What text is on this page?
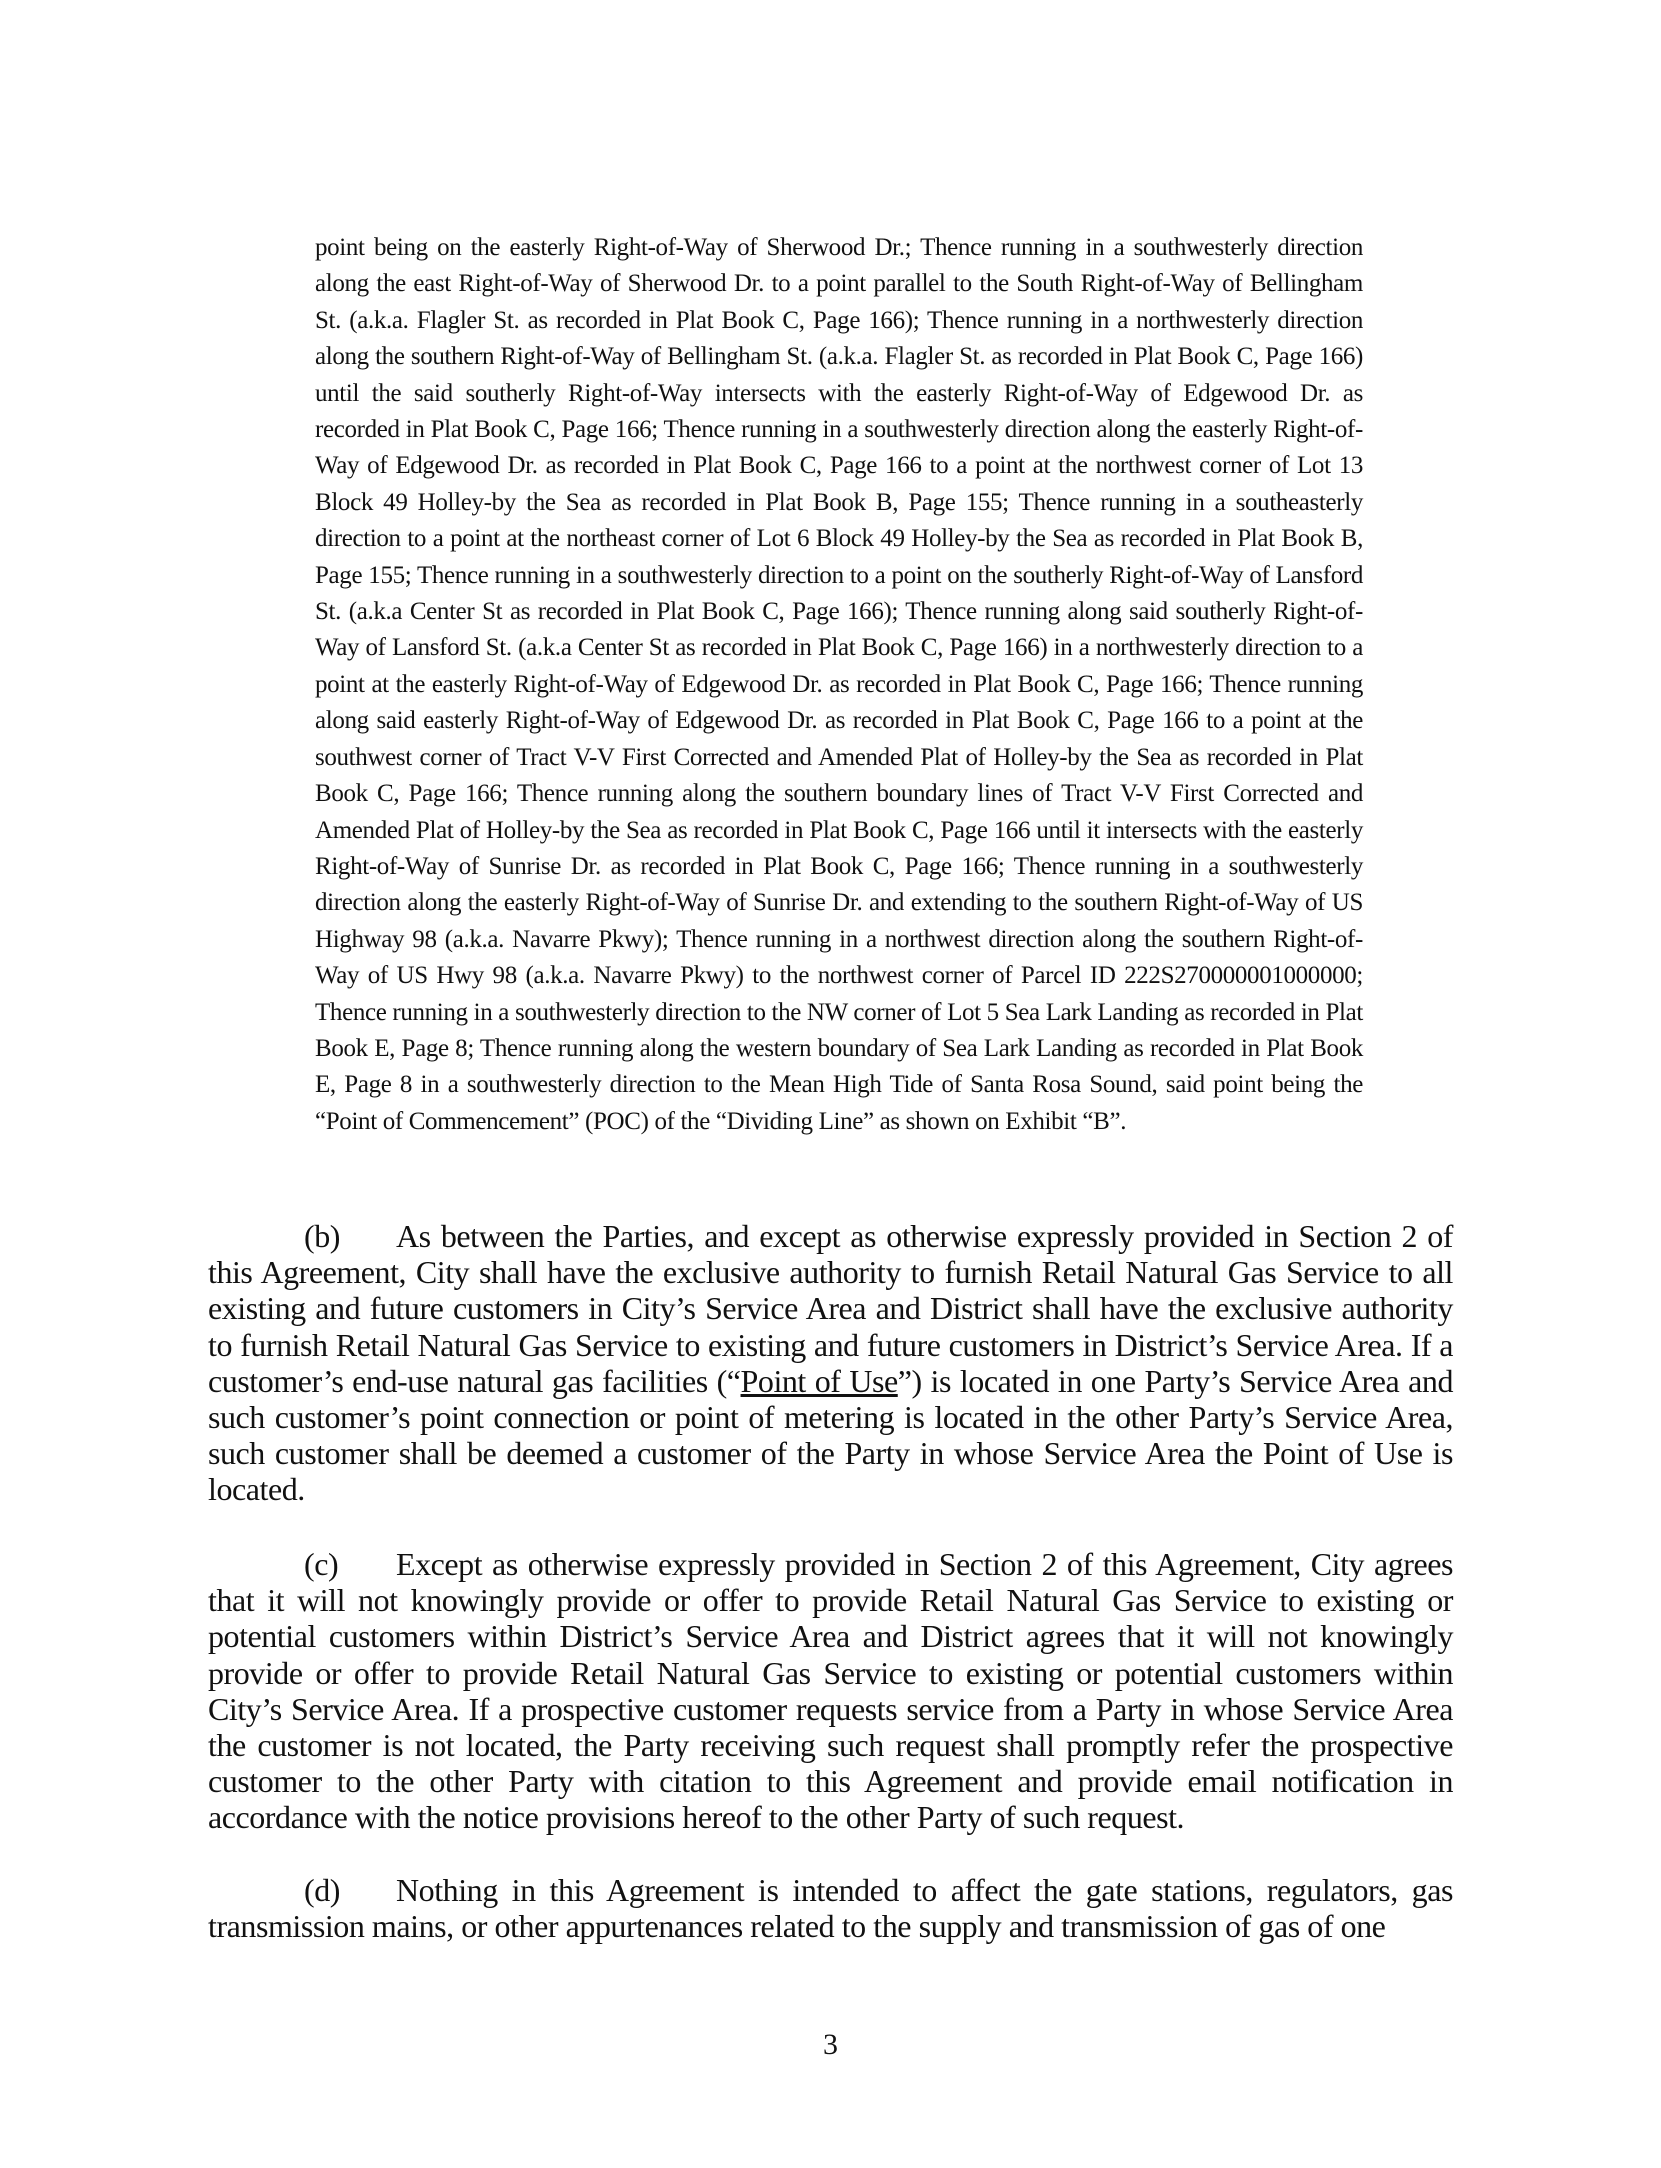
point being on the easterly Right-of-Way of Sherwood Dr.; Thence running in a southwesterly direction along the east Right-of-Way of Sherwood Dr. to a point parallel to the South Right-of-Way of Bellingham St. (a.k.a. Flagler St. as recorded in Plat Book C, Page 166); Thence running in a northwesterly direction along the southern Right-of-Way of Bellingham St. (a.k.a. Flagler St. as recorded in Plat Book C, Page 166) until the said southerly Right-of-Way intersects with the easterly Right-of-Way of Edgewood Dr. as recorded in Plat Book C, Page 166; Thence running in a southwesterly direction along the easterly Right-of-Way of Edgewood Dr. as recorded in Plat Book C, Page 166 to a point at the northwest corner of Lot 13 Block 49 Holley-by the Sea as recorded in Plat Book B, Page 155; Thence running in a southeasterly direction to a point at the northeast corner of Lot 6 Block 49 Holley-by the Sea as recorded in Plat Book B, Page 155; Thence running in a southwesterly direction to a point on the southerly Right-of-Way of Lansford St. (a.k.a Center St as recorded in Plat Book C, Page 166); Thence running along said southerly Right-of-Way of Lansford St. (a.k.a Center St as recorded in Plat Book C, Page 166) in a northwesterly direction to a point at the easterly Right-of-Way of Edgewood Dr. as recorded in Plat Book C, Page 166; Thence running along said easterly Right-of-Way of Edgewood Dr. as recorded in Plat Book C, Page 166 to a point at the southwest corner of Tract V-V First Corrected and Amended Plat of Holley-by the Sea as recorded in Plat Book C, Page 166; Thence running along the southern boundary lines of Tract V-V First Corrected and Amended Plat of Holley-by the Sea as recorded in Plat Book C, Page 166 until it intersects with the easterly Right-of-Way of Sunrise Dr. as recorded in Plat Book C, Page 166; Thence running in a southwesterly direction along the easterly Right-of-Way of Sunrise Dr. and extending to the southern Right-of-Way of US Highway 98 (a.k.a. Navarre Pkwy); Thence running in a northwest direction along the southern Right-of-Way of US Hwy 98 (a.k.a. Navarre Pkwy) to the northwest corner of Parcel ID 222S270000001000000; Thence running in a southwesterly direction to the NW corner of Lot 5 Sea Lark Landing as recorded in Plat Book E, Page 8; Thence running along the western boundary of Sea Lark Landing as recorded in Plat Book E, Page 8 in a southwesterly direction to the Mean High Tide of Santa Rosa Sound, said point being the “Point of Commencement” (POC) of the “Dividing Line” as shown on Exhibit “B”.

(b) As between the Parties, and except as otherwise expressly provided in Section 2 of this Agreement, City shall have the exclusive authority to furnish Retail Natural Gas Service to all existing and future customers in City’s Service Area and District shall have the exclusive authority to furnish Retail Natural Gas Service to existing and future customers in District’s Service Area. If a customer’s end-use natural gas facilities (“Point of Use”) is located in one Party’s Service Area and such customer’s point connection or point of metering is located in the other Party’s Service Area, such customer shall be deemed a customer of the Party in whose Service Area the Point of Use is located.

(c) Except as otherwise expressly provided in Section 2 of this Agreement, City agrees that it will not knowingly provide or offer to provide Retail Natural Gas Service to existing or potential customers within District’s Service Area and District agrees that it will not knowingly provide or offer to provide Retail Natural Gas Service to existing or potential customers within City’s Service Area. If a prospective customer requests service from a Party in whose Service Area the customer is not located, the Party receiving such request shall promptly refer the prospective customer to the other Party with citation to this Agreement and provide email notification in accordance with the notice provisions hereof to the other Party of such request.

(d) Nothing in this Agreement is intended to affect the gate stations, regulators, gas transmission mains, or other appurtenances related to the supply and transmission of gas of one

3
